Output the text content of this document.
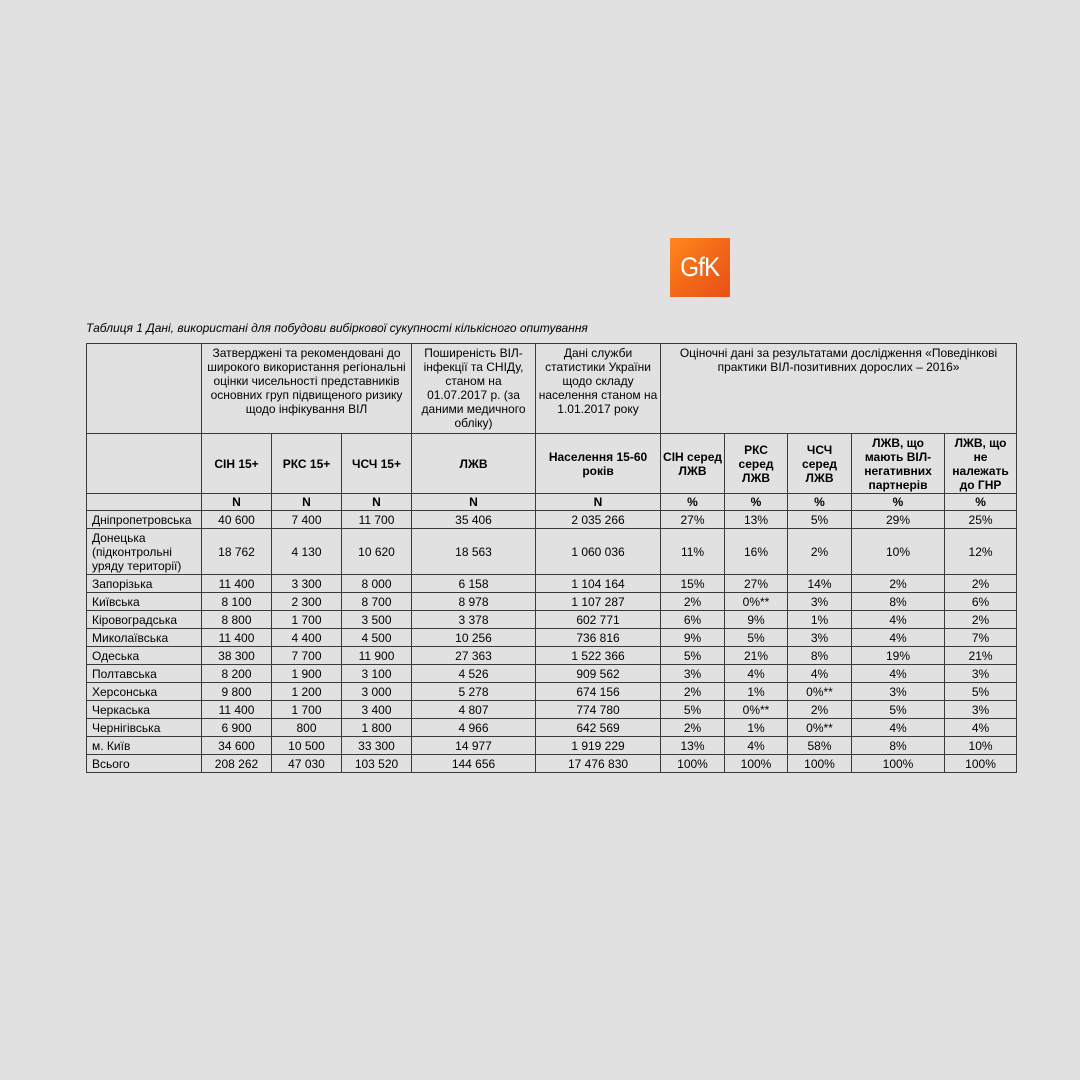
GfK
Таблиця 1 Дані, використані для побудови вибіркової сукупності кількісного опитування
	Затверджені та рекомендовані до широкого використання регіональні оцінки чисельності представників основних груп підвищеного ризику щодо інфікування ВІЛ			Поширеність ВІЛ-інфекції та СНІДу, станом на 01.07.2017 р. (за даними медичного обліку)	Дані служби статистики України щодо складу населення станом на 1.01.2017 року	Оціночні дані за результатами дослідження «Поведінкові практики ВІЛ-позитивних дорослих – 2016»				
	СІН 15+	РКС 15+	ЧСЧ 15+	ЛЖВ	Населення 15-60 років	СІН серед ЛЖВ	РКС серед ЛЖВ	ЧСЧ серед ЛЖВ	ЛЖВ, що мають ВІЛ-негативних партнерів	ЛЖВ, що не належать до ГНР
	N	N	N	N	N	%	%	%	%	%
Дніпропетровська	40 600	7 400	11 700	35 406	2 035 266	27%	13%	5%	29%	25%
Донецька (підконтрольні уряду території)	18 762	4 130	10 620	18 563	1 060 036	11%	16%	2%	10%	12%
Запорізька	11 400	3 300	8 000	6 158	1 104 164	15%	27%	14%	2%	2%
Київська	8 100	2 300	8 700	8 978	1 107 287	2%	0%**	3%	8%	6%
Кіровоградська	8 800	1 700	3 500	3 378	602 771	6%	9%	1%	4%	2%
Миколаївська	11 400	4 400	4 500	10 256	736 816	9%	5%	3%	4%	7%
Одеська	38 300	7 700	11 900	27 363	1 522 366	5%	21%	8%	19%	21%
Полтавська	8 200	1 900	3 100	4 526	909 562	3%	4%	4%	4%	3%
Херсонська	9 800	1 200	3 000	5 278	674 156	2%	1%	0%**	3%	5%
Черкаська	11 400	1 700	3 400	4 807	774 780	5%	0%**	2%	5%	3%
Чернігівська	6 900	800	1 800	4 966	642 569	2%	1%	0%**	4%	4%
м. Київ	34 600	10 500	33 300	14 977	1 919 229	13%	4%	58%	8%	10%
Всього	208 262	47 030	103 520	144 656	17 476 830	100%	100%	100%	100%	100%
